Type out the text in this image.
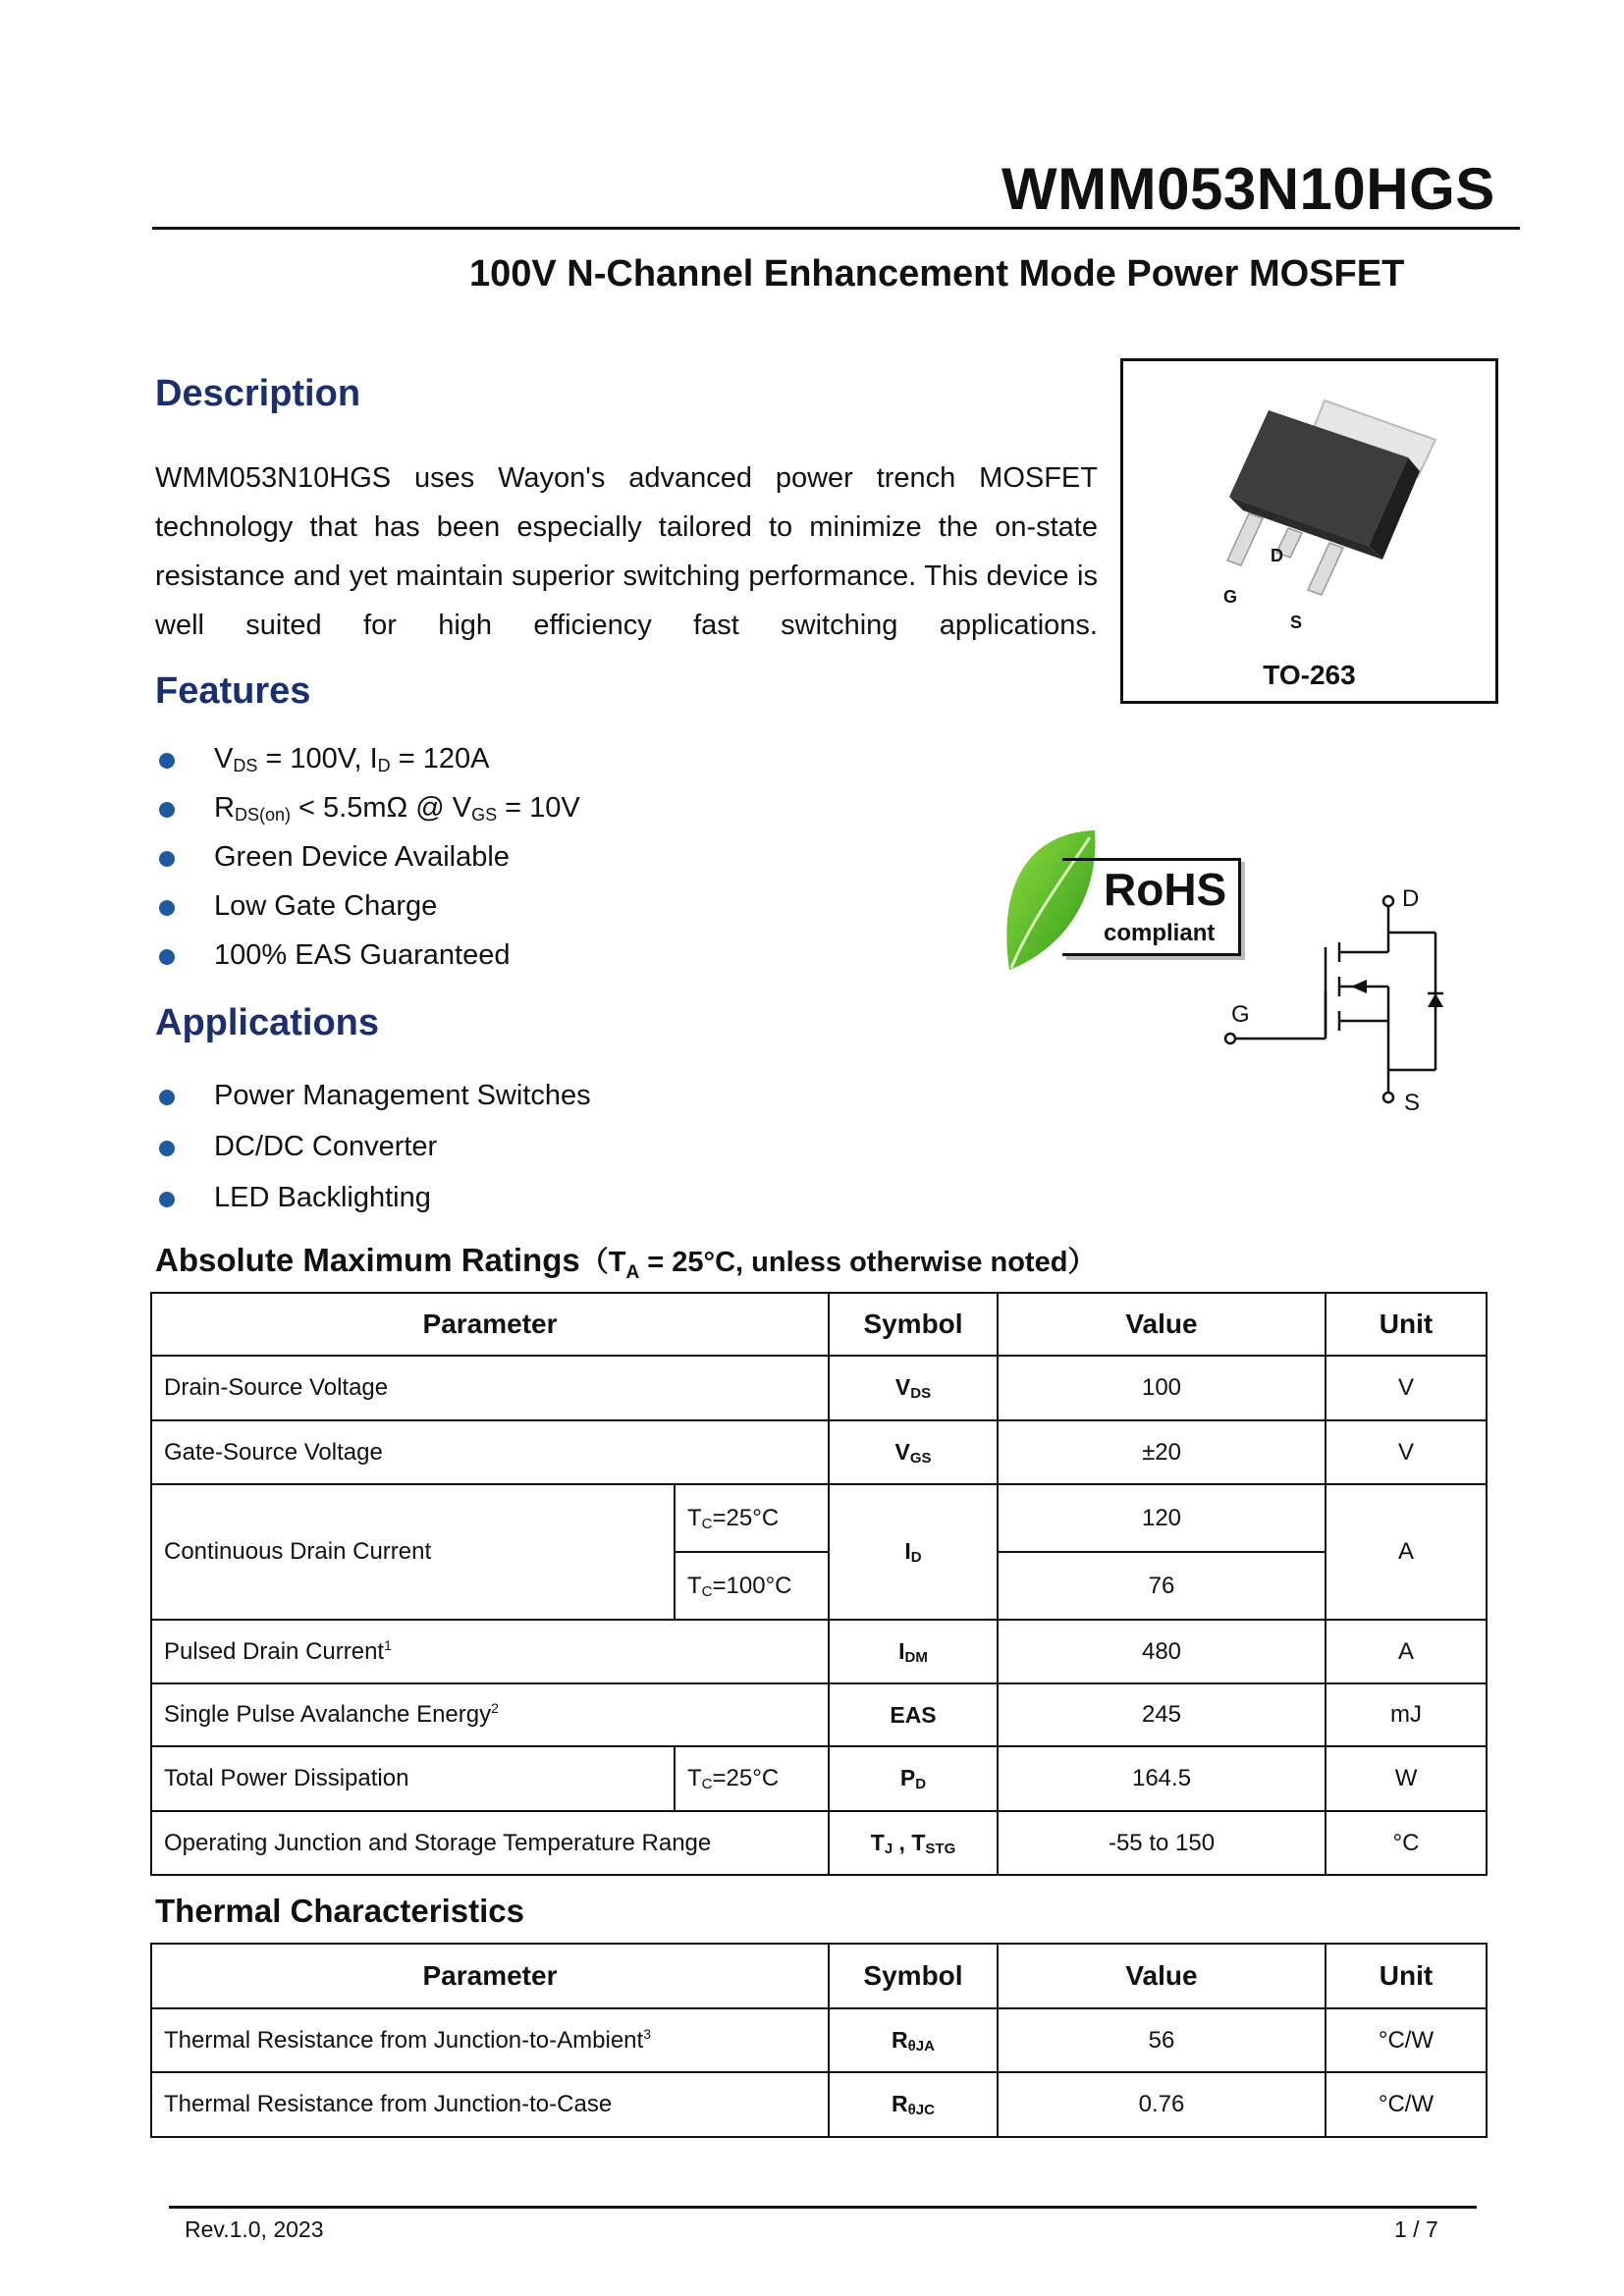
WMM053N10HGS
100V N-Channel Enhancement Mode Power MOSFET
Description
WMM053N10HGS uses Wayon's advanced power trench MOSFET technology that has been especially tailored to minimize the on-state resistance and yet maintain superior switching performance. This device is well suited for high efficiency fast switching applications.
D
G
S
TO-263
Features
$V_{DS} = 100V$, $I_D = 120A$
$R_{DS(on)} < 5.5m\Omega$ @ $V_{GS} = 10V$
Green Device Available
Low Gate Charge
100% EAS Guaranteed
RoHS
compliant
D
G
S
Applications
Power Management Switches
DC/DC Converter
LED Backlighting
Absolute Maximum $Ratings(T_A = 25^\circ C$, unless otherwise noted）
Parameter		Symbol	Value	Unit
Drain-Source Voltage		$V_{DS}$	100	V
Gate-Source Voltage		$V_{GS}$	±20	V
Continuous Drain Current	$T_C=25^\circ C$	$I_D$	120	A
	$T_C=100^\circ C$		76	
Pulsed Drain Current$^1$		$I_{DM}$	480	A
Single Pulse Avalanche Energy$^2$		EAS	245	mJ
Total Power Dissipation	$T_C=25^\circ C$	$P_D$	164.5	W
Operating Junction and Storage Temperature Range		$T_J$ , $T_{STG}$	-55 to 150	°C
Thermal Characteristics
Parameter	Symbol	Value	Unit
Thermal Resistance from Junction-to-Ambient$^3$	$R_{\theta JA}$	56	°C/W
Thermal Resistance from Junction-to-Case	$R_{\theta JC}$	0.76	°C/W
Rev.1.0, 2023	1 / 7
